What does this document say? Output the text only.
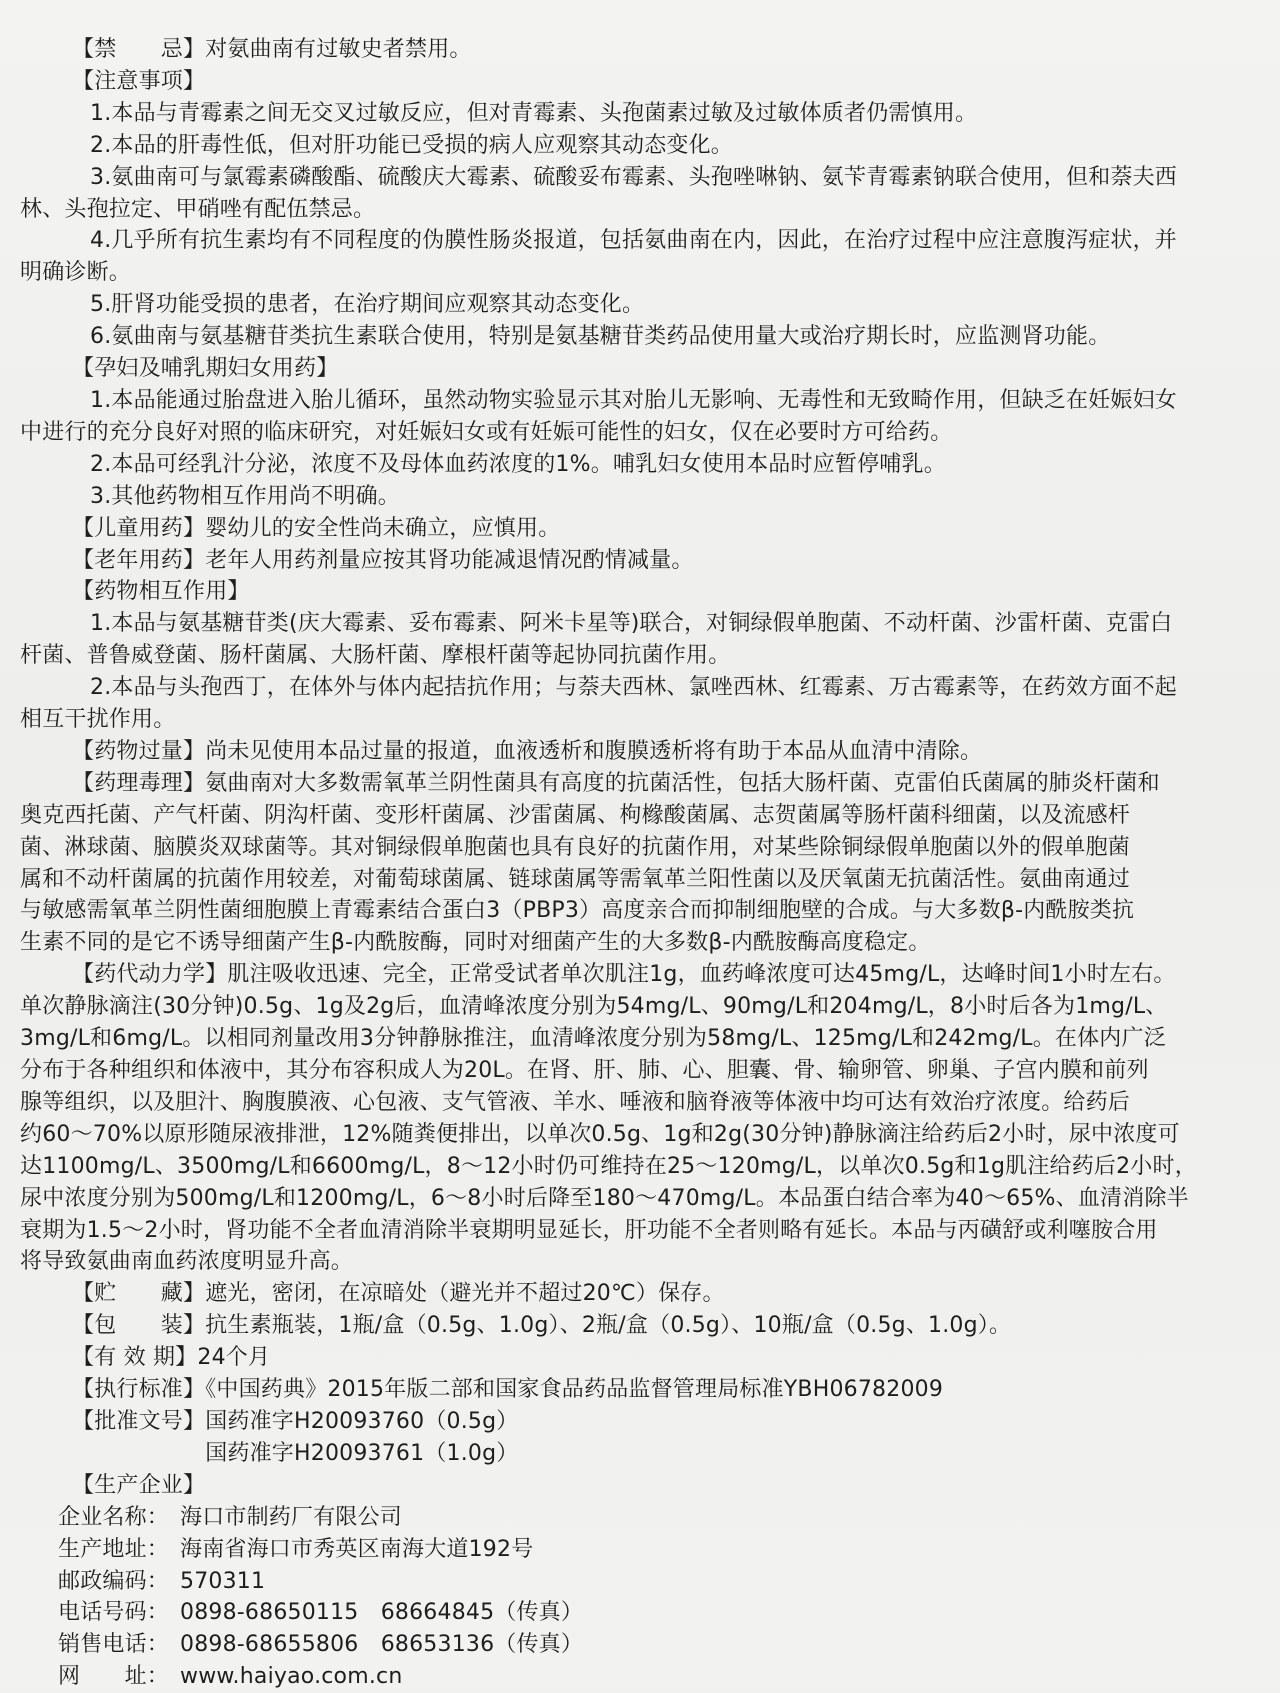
【禁　　忌】对氨曲南有过敏史者禁用。
【注意事项】
1.本品与青霉素之间无交叉过敏反应，但对青霉素、头孢菌素过敏及过敏体质者仍需慎用。
2.本品的肝毒性低，但对肝功能已受损的病人应观察其动态变化。
3.氨曲南可与氯霉素磷酸酯、硫酸庆大霉素、硫酸妥布霉素、头孢唑啉钠、氨苄青霉素钠联合使用，但和萘夫西
林、头孢拉定、甲硝唑有配伍禁忌。
4.几乎所有抗生素均有不同程度的伪膜性肠炎报道，包括氨曲南在内，因此，在治疗过程中应注意腹泻症状，并
明确诊断。
5.肝肾功能受损的患者，在治疗期间应观察其动态变化。
6.氨曲南与氨基糖苷类抗生素联合使用，特别是氨基糖苷类药品使用量大或治疗期长时，应监测肾功能。
【孕妇及哺乳期妇女用药】
1.本品能通过胎盘进入胎儿循环，虽然动物实验显示其对胎儿无影响、无毒性和无致畸作用，但缺乏在妊娠妇女
中进行的充分良好对照的临床研究，对妊娠妇女或有妊娠可能性的妇女，仅在必要时方可给药。
2.本品可经乳汁分泌，浓度不及母体血药浓度的1%。哺乳妇女使用本品时应暂停哺乳。
3.其他药物相互作用尚不明确。
【儿童用药】婴幼儿的安全性尚未确立，应慎用。
【老年用药】老年人用药剂量应按其肾功能减退情况酌情减量。
【药物相互作用】
1.本品与氨基糖苷类(庆大霉素、妥布霉素、阿米卡星等)联合，对铜绿假单胞菌、不动杆菌、沙雷杆菌、克雷白
杆菌、普鲁威登菌、肠杆菌属、大肠杆菌、摩根杆菌等起协同抗菌作用。
2.本品与头孢西丁，在体外与体内起拮抗作用；与萘夫西林、氯唑西林、红霉素、万古霉素等，在药效方面不起
相互干扰作用。
【药物过量】尚未见使用本品过量的报道，血液透析和腹膜透析将有助于本品从血清中清除。
【药理毒理】氨曲南对大多数需氧革兰阴性菌具有高度的抗菌活性，包括大肠杆菌、克雷伯氏菌属的肺炎杆菌和
奥克西托菌、产气杆菌、阴沟杆菌、变形杆菌属、沙雷菌属、枸橼酸菌属、志贺菌属等肠杆菌科细菌，以及流感杆
菌、淋球菌、脑膜炎双球菌等。其对铜绿假单胞菌也具有良好的抗菌作用，对某些除铜绿假单胞菌以外的假单胞菌
属和不动杆菌属的抗菌作用较差，对葡萄球菌属、链球菌属等需氧革兰阳性菌以及厌氧菌无抗菌活性。氨曲南通过
与敏感需氧革兰阴性菌细胞膜上青霉素结合蛋白3（PBP3）高度亲合而抑制细胞壁的合成。与大多数β-内酰胺类抗
生素不同的是它不诱导细菌产生β-内酰胺酶，同时对细菌产生的大多数β-内酰胺酶高度稳定。
【药代动力学】肌注吸收迅速、完全，正常受试者单次肌注1g，血药峰浓度可达45mg/L，达峰时间1小时左右。
单次静脉滴注(30分钟)0.5g、1g及2g后，血清峰浓度分别为54mg/L、90mg/L和204mg/L，8小时后各为1mg/L、
3mg/L和6mg/L。以相同剂量改用3分钟静脉推注，血清峰浓度分别为58mg/L、125mg/L和242mg/L。在体内广泛
分布于各种组织和体液中，其分布容积成人为20L。在肾、肝、肺、心、胆囊、骨、输卵管、卵巢、子宫内膜和前列
腺等组织，以及胆汁、胸腹膜液、心包液、支气管液、羊水、唾液和脑脊液等体液中均可达有效治疗浓度。给药后
约60～70%以原形随尿液排泄，12%随粪便排出，以单次0.5g、1g和2g(30分钟)静脉滴注给药后2小时，尿中浓度可
达1100mg/L、3500mg/L和6600mg/L，8～12小时仍可维持在25～120mg/L，以单次0.5g和1g肌注给药后2小时，
尿中浓度分别为500mg/L和1200mg/L，6～8小时后降至180～470mg/L。本品蛋白结合率为40～65%、血清消除半
衰期为1.5～2小时，肾功能不全者血清消除半衰期明显延长，肝功能不全者则略有延长。本品与丙磺舒或利噻胺合用
将导致氨曲南血药浓度明显升高。
【贮　　藏】遮光，密闭，在凉暗处（避光并不超过20℃）保存。
【包　　装】抗生素瓶装，1瓶/盒（0.5g、1.0g）、2瓶/盒（0.5g）、10瓶/盒（0.5g、1.0g）。
【有 效 期】24个月
【执行标准】《中国药典》2015年版二部和国家食品药品监督管理局标准YBH06782009
【批准文号】国药准字H20093760（0.5g）
　　　　　　国药准字H20093761（1.0g）
【生产企业】
企业名称： 海口市制药厂有限公司
生产地址： 海南省海口市秀英区南海大道192号
邮政编码： 570311
电话号码： 0898-68650115　68664845（传真）
销售电话： 0898-68655806　68653136（传真）
网　　址： www.haiyao.com.cn
